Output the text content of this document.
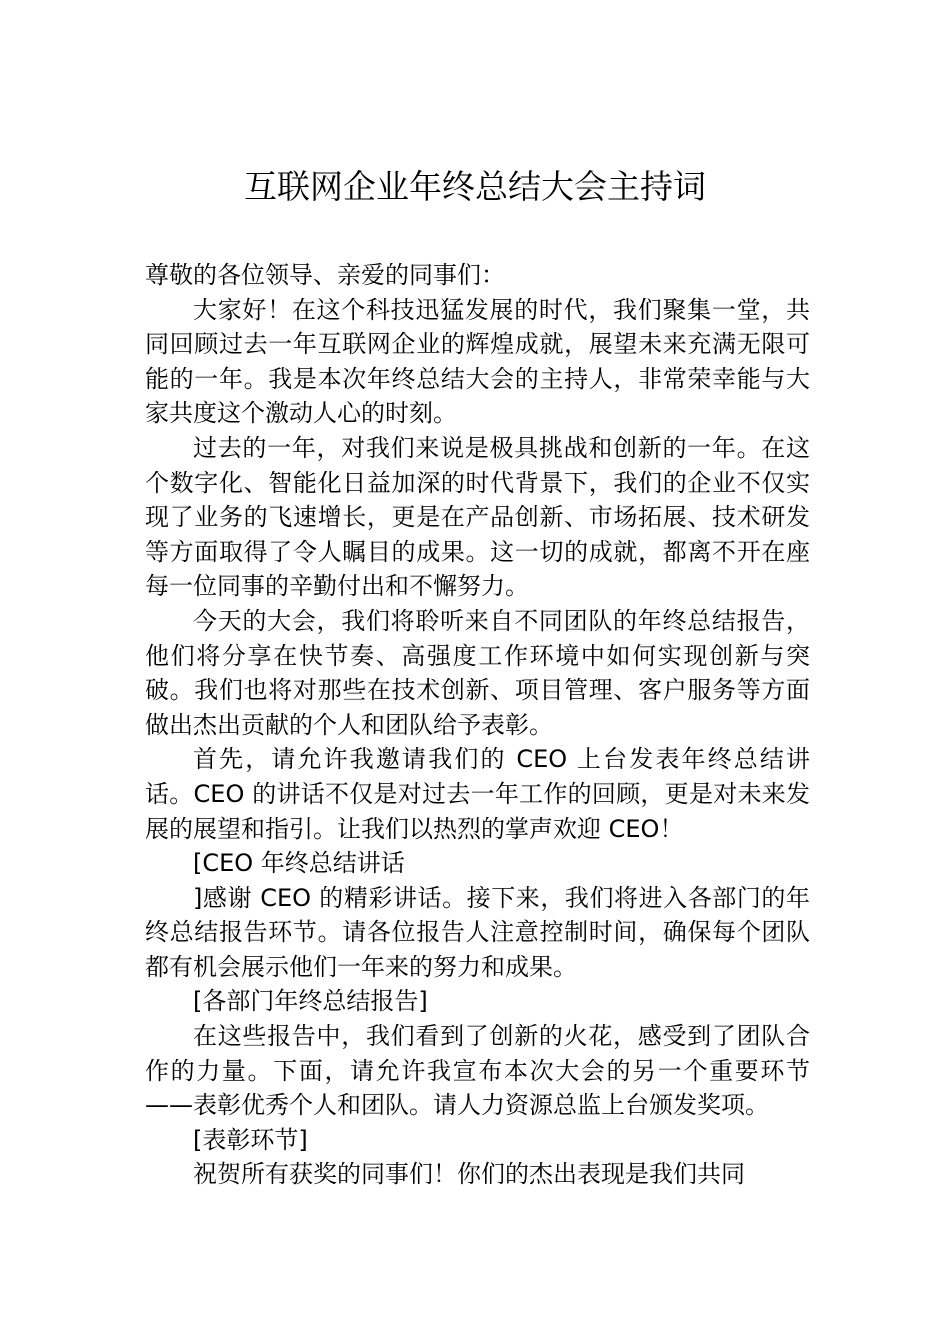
互联网企业年终总结大会主持词

尊敬的各位领导、亲爱的同事们：

大家好！在这个科技迅猛发展的时代，我们聚集一堂，共同回顾过去一年互联网企业的辉煌成就，展望未来充满无限可能的一年。我是本次年终总结大会的主持人，非常荣幸能与大家共度这个激动人心的时刻。

过去的一年，对我们来说是极具挑战和创新的一年。在这个数字化、智能化日益加深的时代背景下，我们的企业不仅实现了业务的飞速增长，更是在产品创新、市场拓展、技术研发等方面取得了令人瞩目的成果。这一切的成就，都离不开在座每一位同事的辛勤付出和不懈努力。

今天的大会，我们将聆听来自不同团队的年终总结报告，他们将分享在快节奏、高强度工作环境中如何实现创新与突破。我们也将对那些在技术创新、项目管理、客户服务等方面做出杰出贡献的个人和团队给予表彰。

首先，请允许我邀请我们的 CEO 上台发表年终总结讲话。CEO 的讲话不仅是对过去一年工作的回顾，更是对未来发展的展望和指引。让我们以热烈的掌声欢迎 CEO！

[CEO 年终总结讲话

]感谢 CEO 的精彩讲话。接下来，我们将进入各部门的年终总结报告环节。请各位报告人注意控制时间，确保每个团队都有机会展示他们一年来的努力和成果。

[各部门年终总结报告]

在这些报告中，我们看到了创新的火花，感受到了团队合作的力量。下面，请允许我宣布本次大会的另一个重要环节——表彰优秀个人和团队。请人力资源总监上台颁发奖项。

[表彰环节]

祝贺所有获奖的同事们！你们的杰出表现是我们共同
